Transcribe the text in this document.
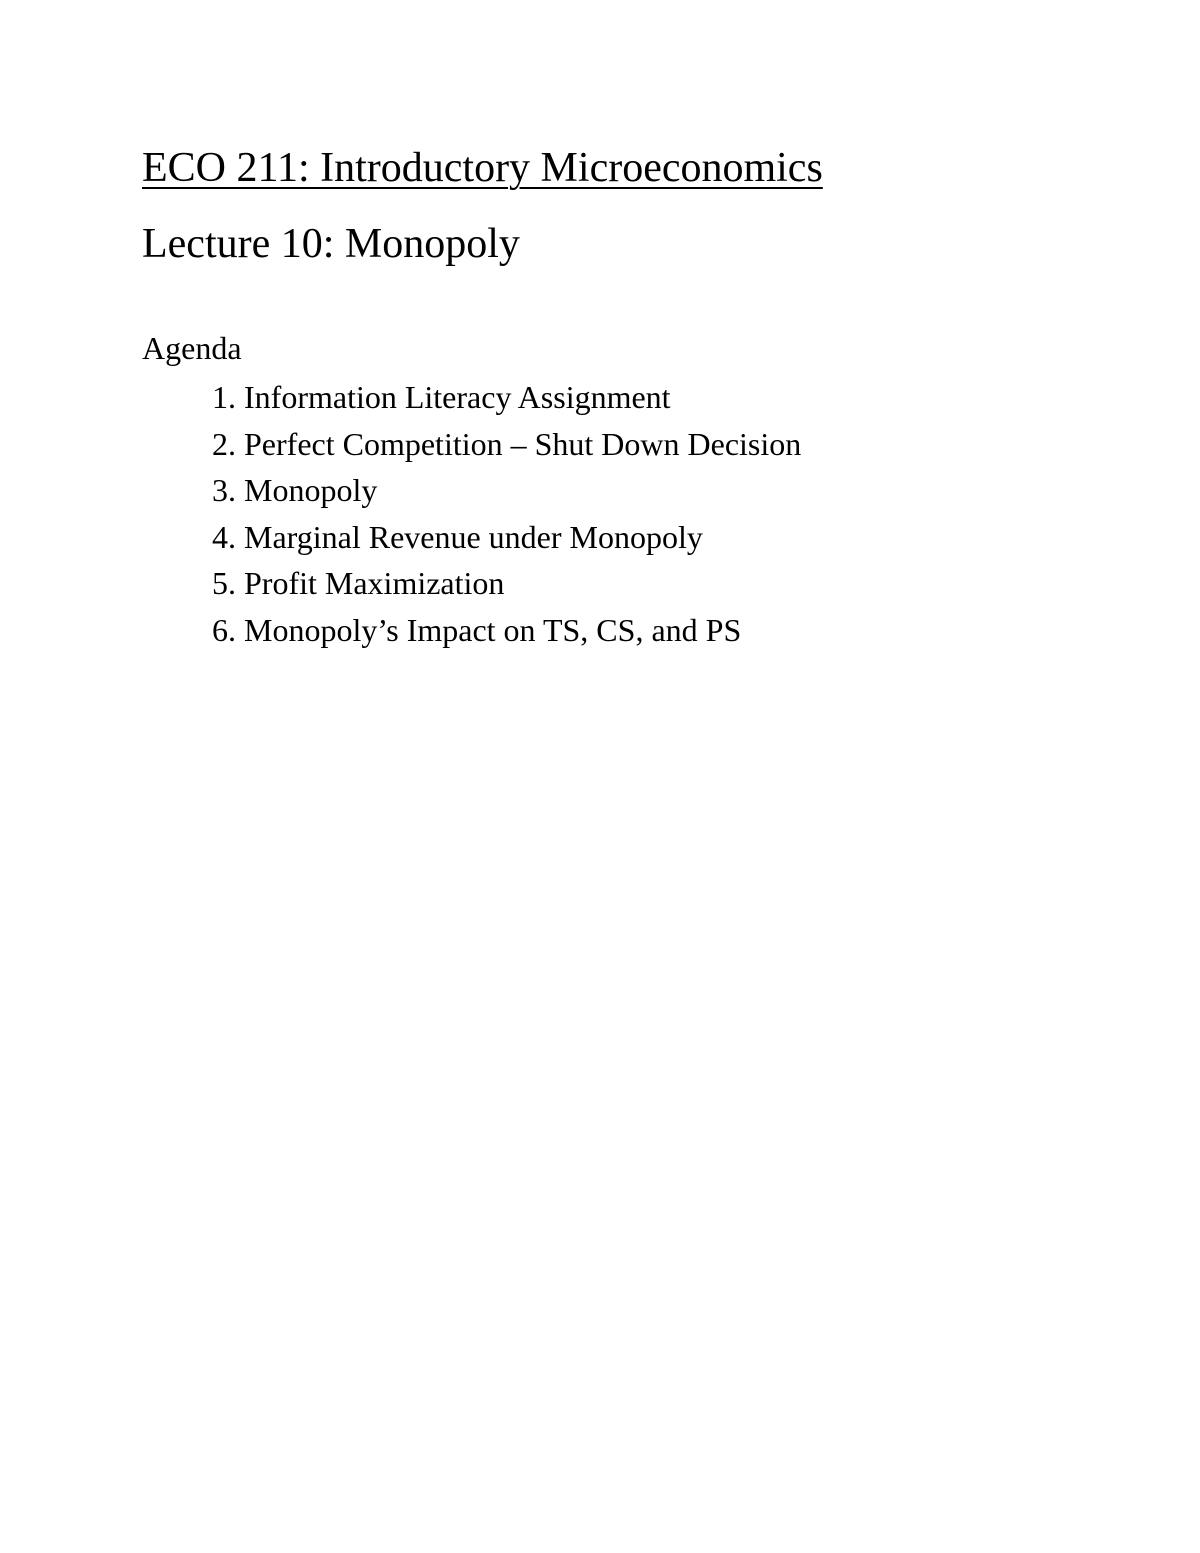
ECO 211: Introductory Microeconomics
Lecture 10: Monopoly
Agenda
1. Information Literacy Assignment
2. Perfect Competition – Shut Down Decision
3. Monopoly
4. Marginal Revenue under Monopoly
5. Profit Maximization
6. Monopoly’s Impact on TS, CS, and PS
